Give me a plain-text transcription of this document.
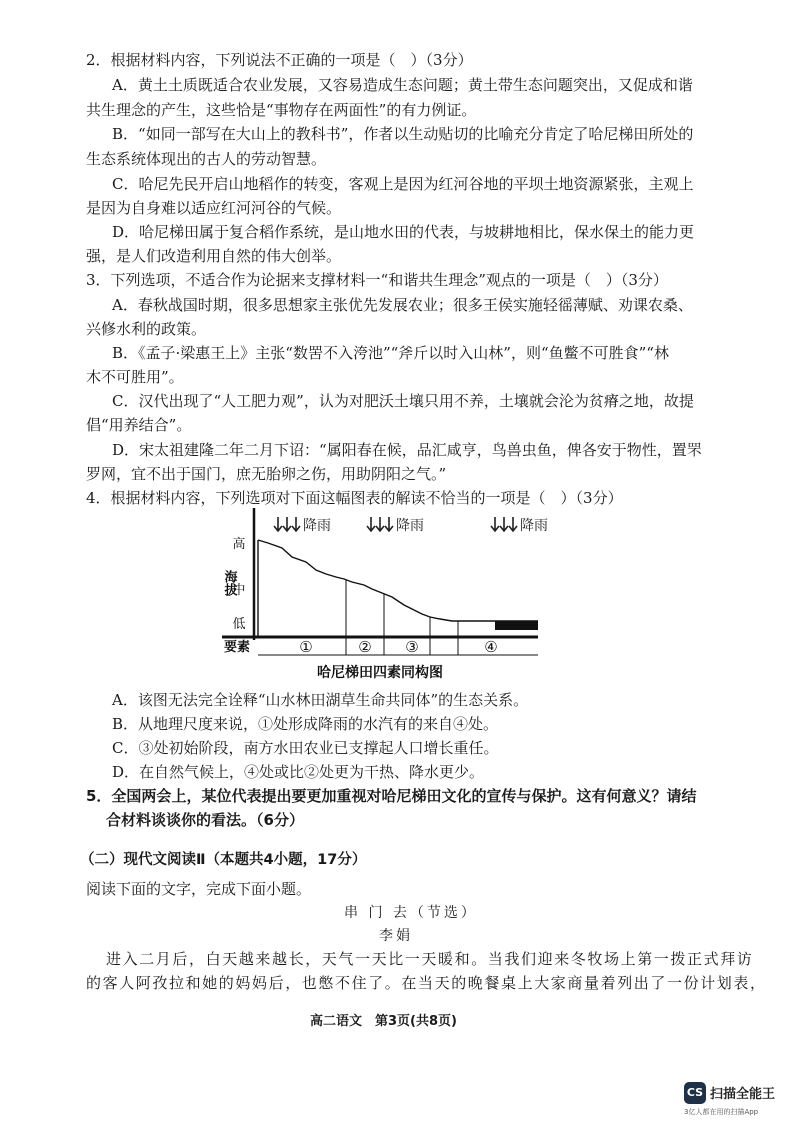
2．根据材料内容，下列说法不正确的一项是（　）（3分）
A．黄土土质既适合农业发展，又容易造成生态问题；黄土带生态问题突出，又促成和谐
共生理念的产生，这些恰是“事物存在两面性”的有力例证。
B．“如同一部写在大山上的教科书”，作者以生动贴切的比喻充分肯定了哈尼梯田所处的
生态系统体现出的古人的劳动智慧。
C．哈尼先民开启山地稻作的转变，客观上是因为红河谷地的平坝土地资源紧张，主观上
是因为自身难以适应红河河谷的气候。
D．哈尼梯田属于复合稻作系统，是山地水田的代表，与坡耕地相比，保水保土的能力更
强，是人们改造利用自然的伟大创举。
3．下列选项，不适合作为论据来支撑材料一“和谐共生理念”观点的一项是（　）（3分）
A．春秋战国时期，很多思想家主张优先发展农业；很多王侯实施轻徭薄赋、劝课农桑、
兴修水利的政策。
B．《孟子·梁惠王上》主张“数罟不入洿池”“斧斤以时入山林”，则“鱼鳖不可胜食”“林
木不可胜用”。
C．汉代出现了“人工肥力观”，认为对肥沃土壤只用不养，土壤就会沦为贫瘠之地，故提
倡“用养结合”。
D．宋太祖建隆二年二月下诏：“属阳春在候，品汇咸亨，鸟兽虫鱼，俾各安于物性，置罘
罗网，宜不出于国门，庶无胎卵之伤，用助阴阳之气。”
4．根据材料内容，下列选项对下面这幅图表的解读不恰当的一项是（　）（3分）
降雨	降雨	降雨
高
中
低
海拔
要素	①	② ③	④
哈尼梯田四素同构图
A．该图无法完全诠释“山水林田湖草生命共同体”的生态关系。
B．从地理尺度来说，①处形成降雨的水汽有的来自④处。
C．③处初始阶段，南方水田农业已支撑起人口增长重任。
D．在自然气候上，④处或比②处更为干热、降水更少。
5．全国两会上，某位代表提出要更加重视对哈尼梯田文化的宣传与保护。这有何意义？请结
合材料谈谈你的看法。（6分）
（二）现代文阅读Ⅱ（本题共4小题，17分）
阅读下面的文字，完成下面小题。
串 门 去（节选）
李娟
进入二月后，白天越来越长，天气一天比一天暖和。当我们迎来冬牧场上第一拨正式拜访
的客人阿孜拉和她的妈妈后，也憋不住了。在当天的晚餐桌上大家商量着列出了一份计划表，
高二语文　第3页(共8页)
CS 扫描全能王
3亿人都在用的扫描App
